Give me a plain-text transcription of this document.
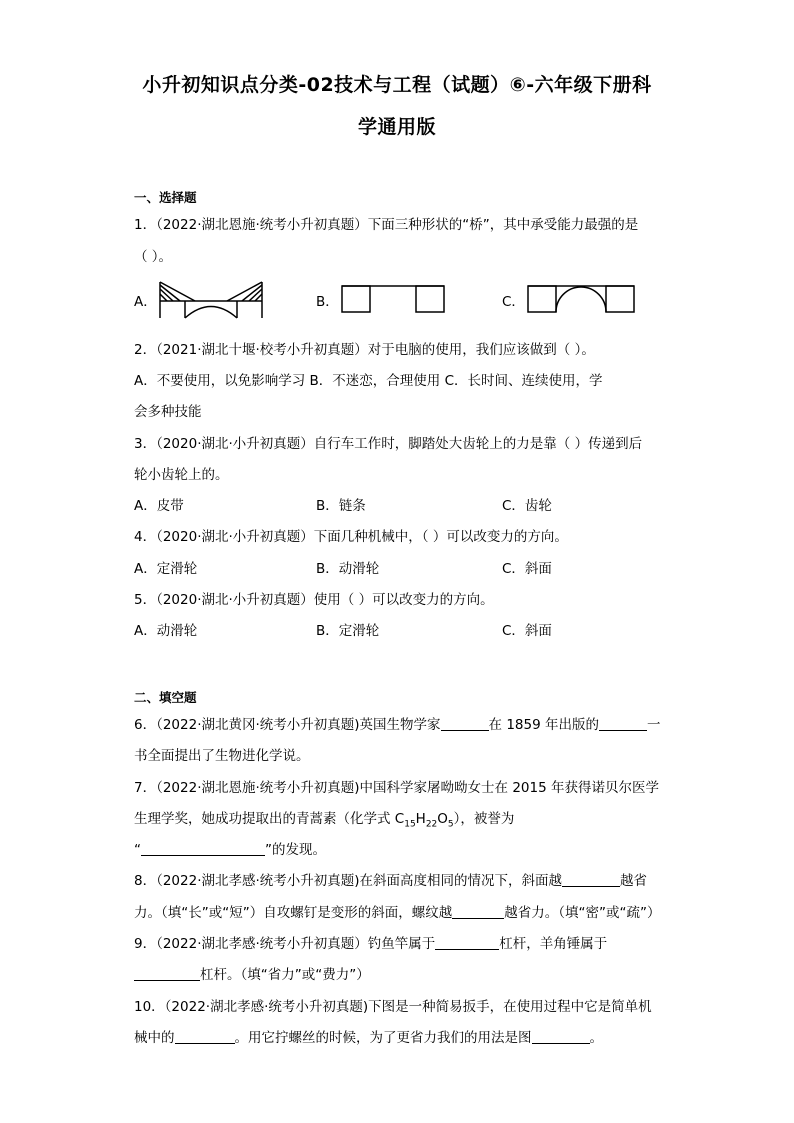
小升初知识点分类-02技术与工程（试题）⑥-六年级下册科
学通用版
一、选择题
1．（2022·湖北恩施·统考小升初真题）下面三种形状的“桥”，其中承受能力最强的是
（ ）。
A．	B．	C．
2．（2021·湖北十堰·校考小升初真题）对于电脑的使用，我们应该做到（ ）。
A．不要使用，以免影响学习 B．不迷恋，合理使用 C．长时间、连续使用，学
会多种技能
3．（2020·湖北·小升初真题）自行车工作时，脚踏处大齿轮上的力是靠（ ）传递到后
轮小齿轮上的。
A．皮带	B．链条	C．齿轮
4．（2020·湖北·小升初真题）下面几种机械中，（ ）可以改变力的方向。
A．定滑轮	B．动滑轮	C．斜面
5．（2020·湖北·小升初真题）使用（ ）可以改变力的方向。
A．动滑轮	B．定滑轮	C．斜面
二、填空题
6．（2022·湖北黄冈·统考小升初真题)英国生物学家	在 1859 年出版的	一
书全面提出了生物进化学说。
7．（2022·湖北恩施·统考小升初真题)中国科学家屠呦呦女士在 2015 年获得诺贝尔医学
生理学奖，她成功提取出的青蒿素（化学式 $C_{15}H_{22}O_5$），被誉为
“	”的发现。
8．（2022·湖北孝感·统考小升初真题)在斜面高度相同的情况下，斜面越	越省
力。（填“长”或“短”）自攻螺钉是变形的斜面，螺纹越	越省力。（填“密”或“疏”）
9．（2022·湖北孝感·统考小升初真题）钓鱼竿属于	杠杆，羊角锤属于
杠杆。（填“省力”或“费力”）
10．（2022·湖北孝感·统考小升初真题)下图是一种简易扳手，在使用过程中它是简单机
械中的	。用它拧螺丝的时候，为了更省力我们的用法是图	。
